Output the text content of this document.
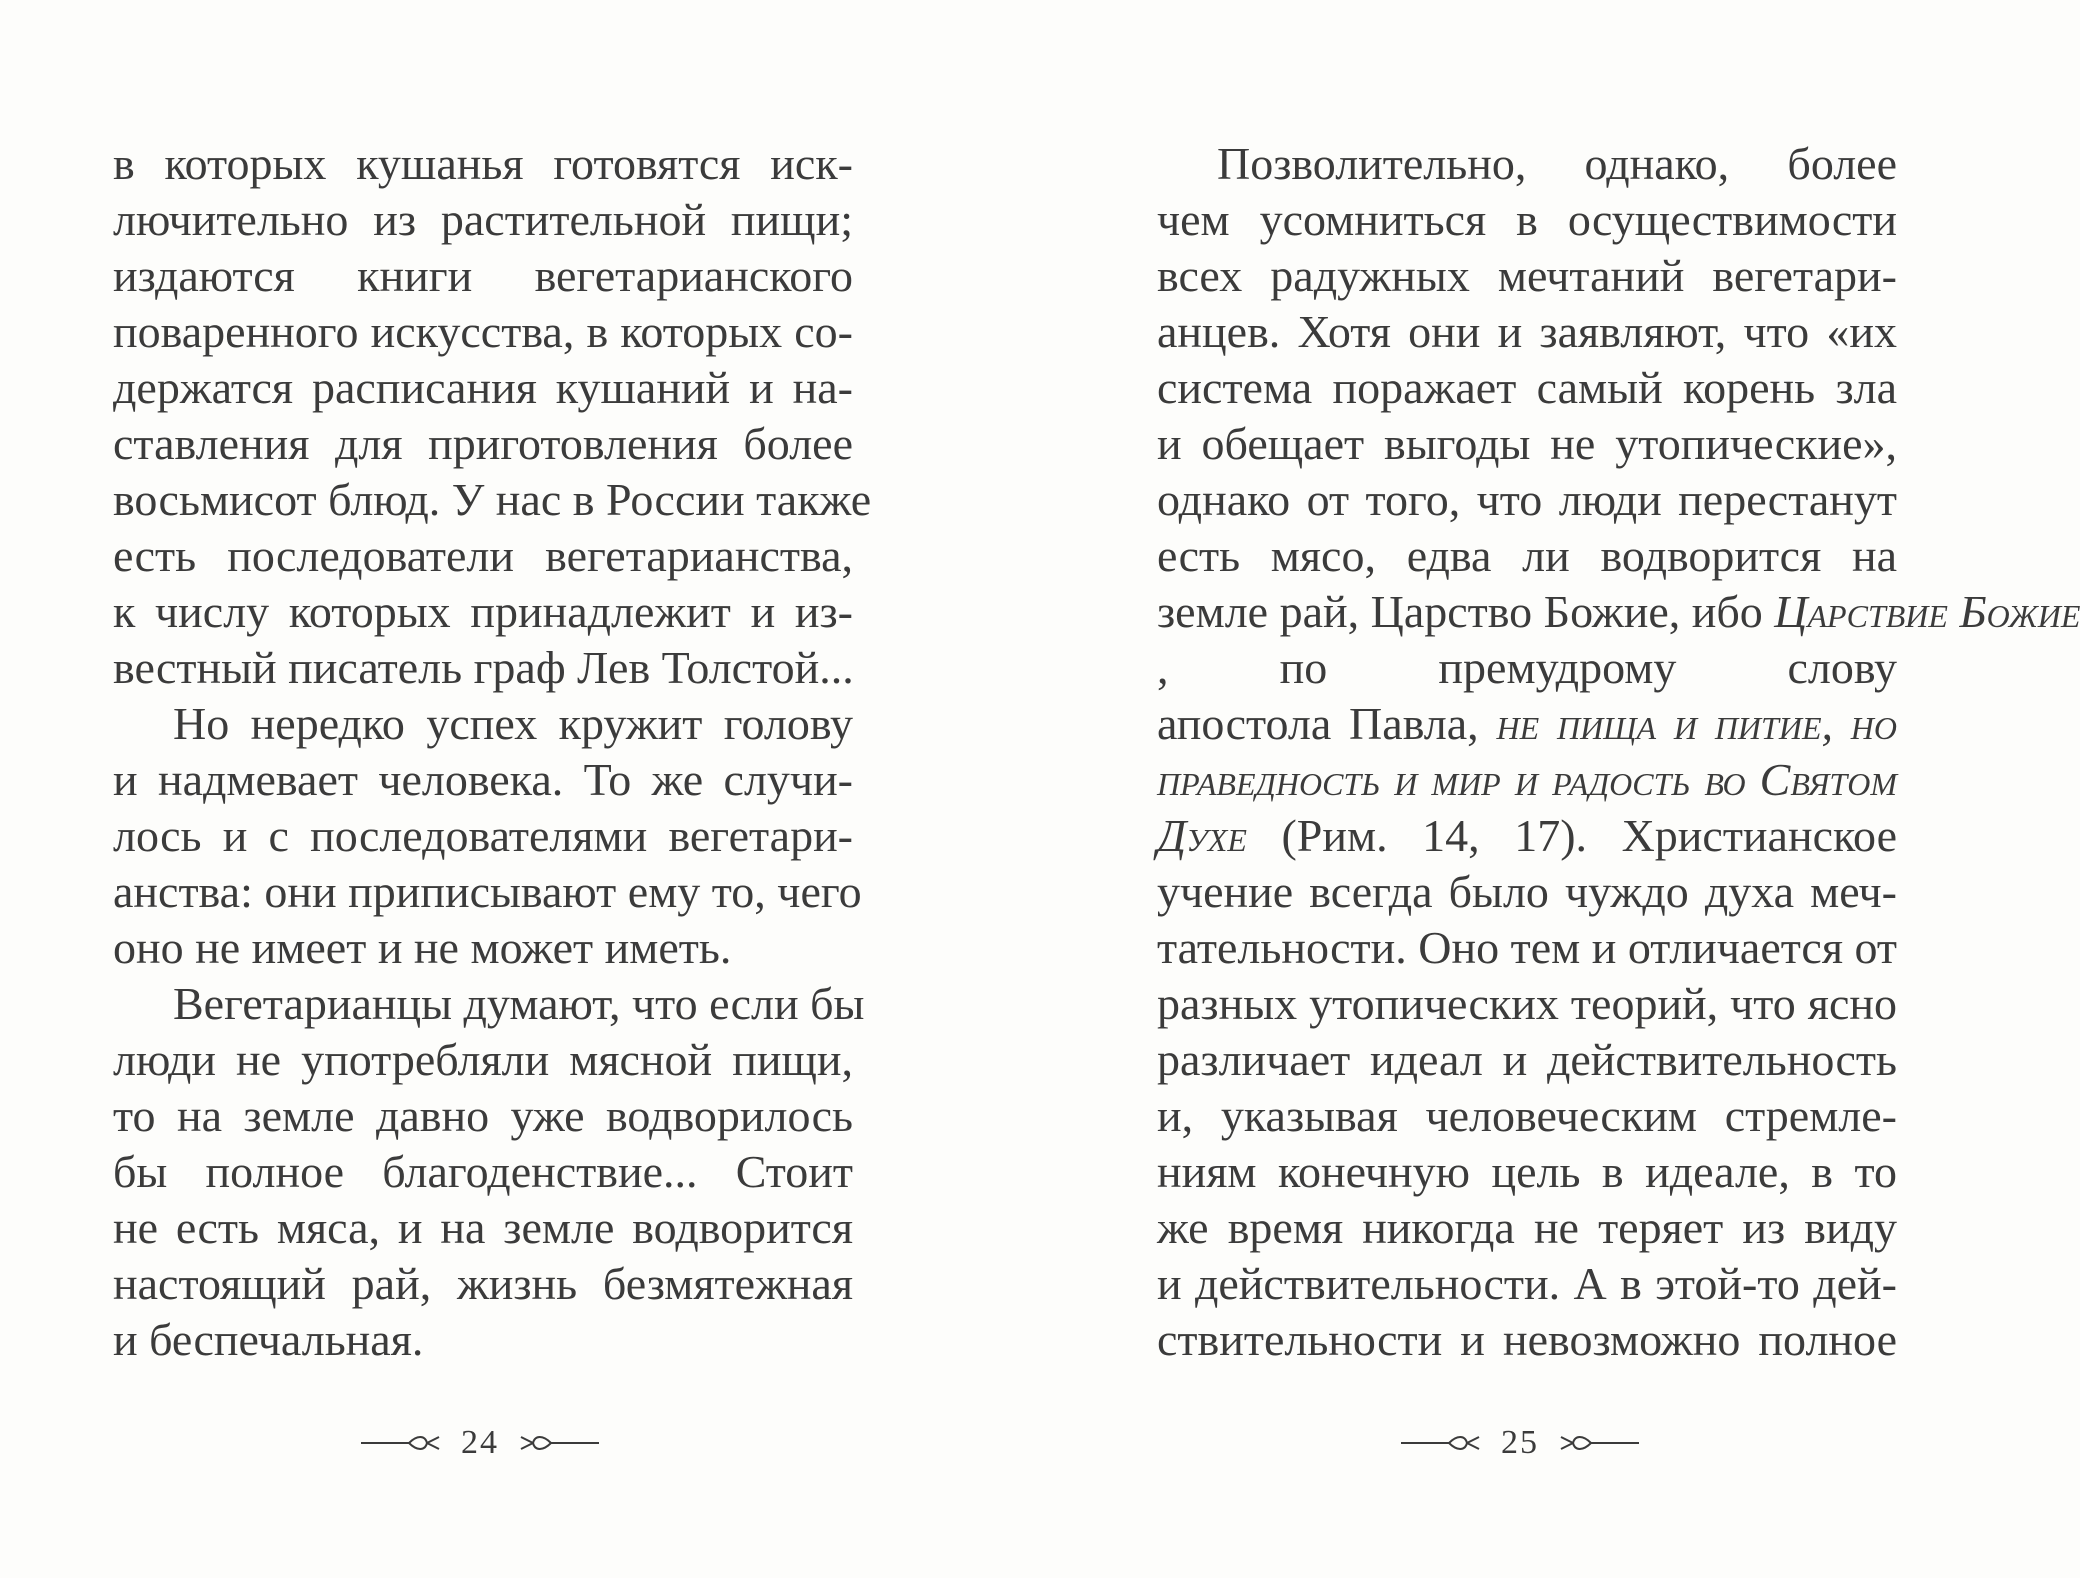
в которых кушанья готовятся иск-
лючительно из растительной пищи;
издаются книги вегетарианского
поваренного искусства, в которых со-
держатся расписания кушаний и на-
ставления для приготовления более
восьмисот блюд. У нас в России также
есть последователи вегетарианства,
к числу которых принадлежит и из-
вестный писатель граф Лев Толстой...
Но нередко успех кружит голову
и надмевает человека. То же случи-
лось и с последователями вегетари-
анства: они приписывают ему то, чего
оно не имеет и не может иметь.
Вегетарианцы думают, что если бы
люди не употребляли мясной пищи,
то на земле давно уже водворилось
бы полное благоденствие... Стоит
не есть мяса, и на земле водворится
настоящий рай, жизнь безмятежная
и беспечальная.
24
Позволительно, однако, более
чем усомниться в осуществимости
всех радужных мечтаний вегетари-
анцев. Хотя они и заявляют, что «их
система поражает самый корень зла
и обещает выгоды не утопические»,
однако от того, что люди перестанут
есть мясо, едва ли водворится на
земле рай, Царство Божие, ибо Царствие Божие
, по премудрому слову
апостола Павла, не пища и питие, но
праведность и мир и радость во Святом
Духе (Рим. 14, 17). Христианское
учение всегда было чуждо духа меч-
тательности. Оно тем и отличается от
разных утопических теорий, что ясно
различает идеал и действительность
и, указывая человеческим стремле-
ниям конечную цель в идеале, в то
же время никогда не теряет из виду
и действительности. А в этой-то дей-
ствительности и невозможно полное
25
